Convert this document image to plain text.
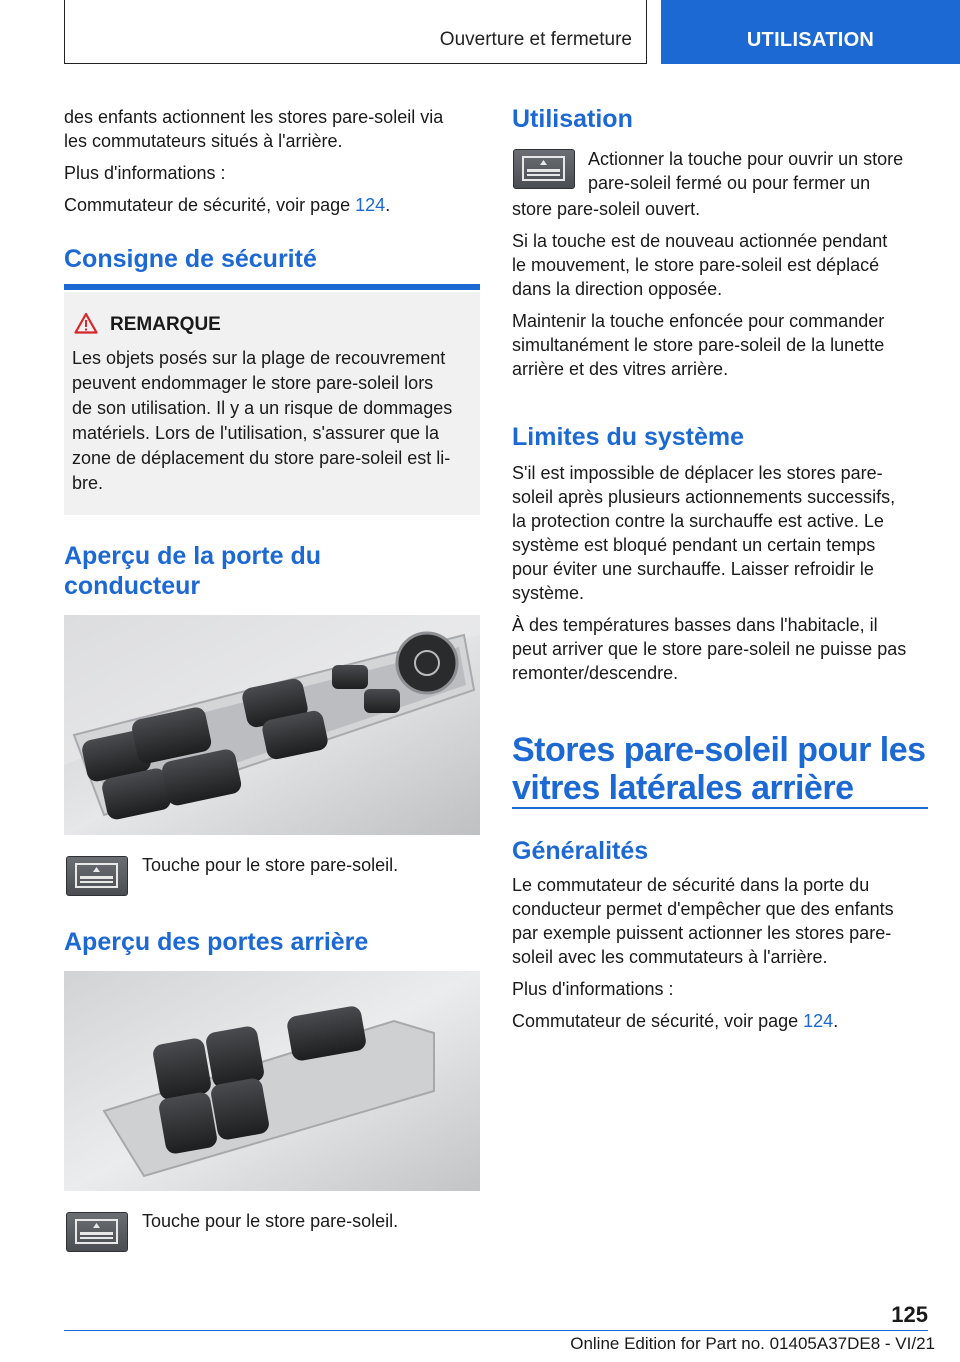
Ouverture et fermeture	UTILISATION

des enfants actionnent les stores pare-soleil via

les commutateurs situés à l'arrière.

Plus d'informations :

Commutateur de sécurité, voir page 124.

Consigne de sécurité
REMARQUE

Les objets posés sur la plage de recouvrement

peuvent endommager le store pare-soleil lors

de son utilisation. Il y a un risque de dommages

matériels. Lors de l'utilisation, s'assurer que la

zone de déplacement du store pare-soleil est li-

bre.

Aperçu de la porte du

conducteur

Touche pour le store pare-soleil.
Aperçu des portes arrière
Touche pour le store pare-soleil.
Utilisation

Actionner la touche pour ouvrir un store

pare-soleil fermé ou pour fermer un

store pare-soleil ouvert.

Si la touche est de nouveau actionnée pendant

le mouvement, le store pare-soleil est déplacé

dans la direction opposée.

Maintenir la touche enfoncée pour commander

simultanément le store pare-soleil de la lunette

arrière et des vitres arrière.

Limites du système

S'il est impossible de déplacer les stores pare-

soleil après plusieurs actionnements successifs,

la protection contre la surchauffe est active. Le

système est bloqué pendant un certain temps

pour éviter une surchauffe. Laisser refroidir le

système.

À des températures basses dans l'habitacle, il

peut arriver que le store pare-soleil ne puisse pas

remonter/descendre.

Stores pare-soleil pour les

vitres latérales arrière

Généralités

Le commutateur de sécurité dans la porte du

conducteur permet d'empêcher que des enfants

par exemple puissent actionner les stores pare-

soleil avec les commutateurs à l'arrière.

Plus d'informations :

Commutateur de sécurité, voir page 124.

125
Online Edition for Part no. 01405A37DE8 - VI/21
